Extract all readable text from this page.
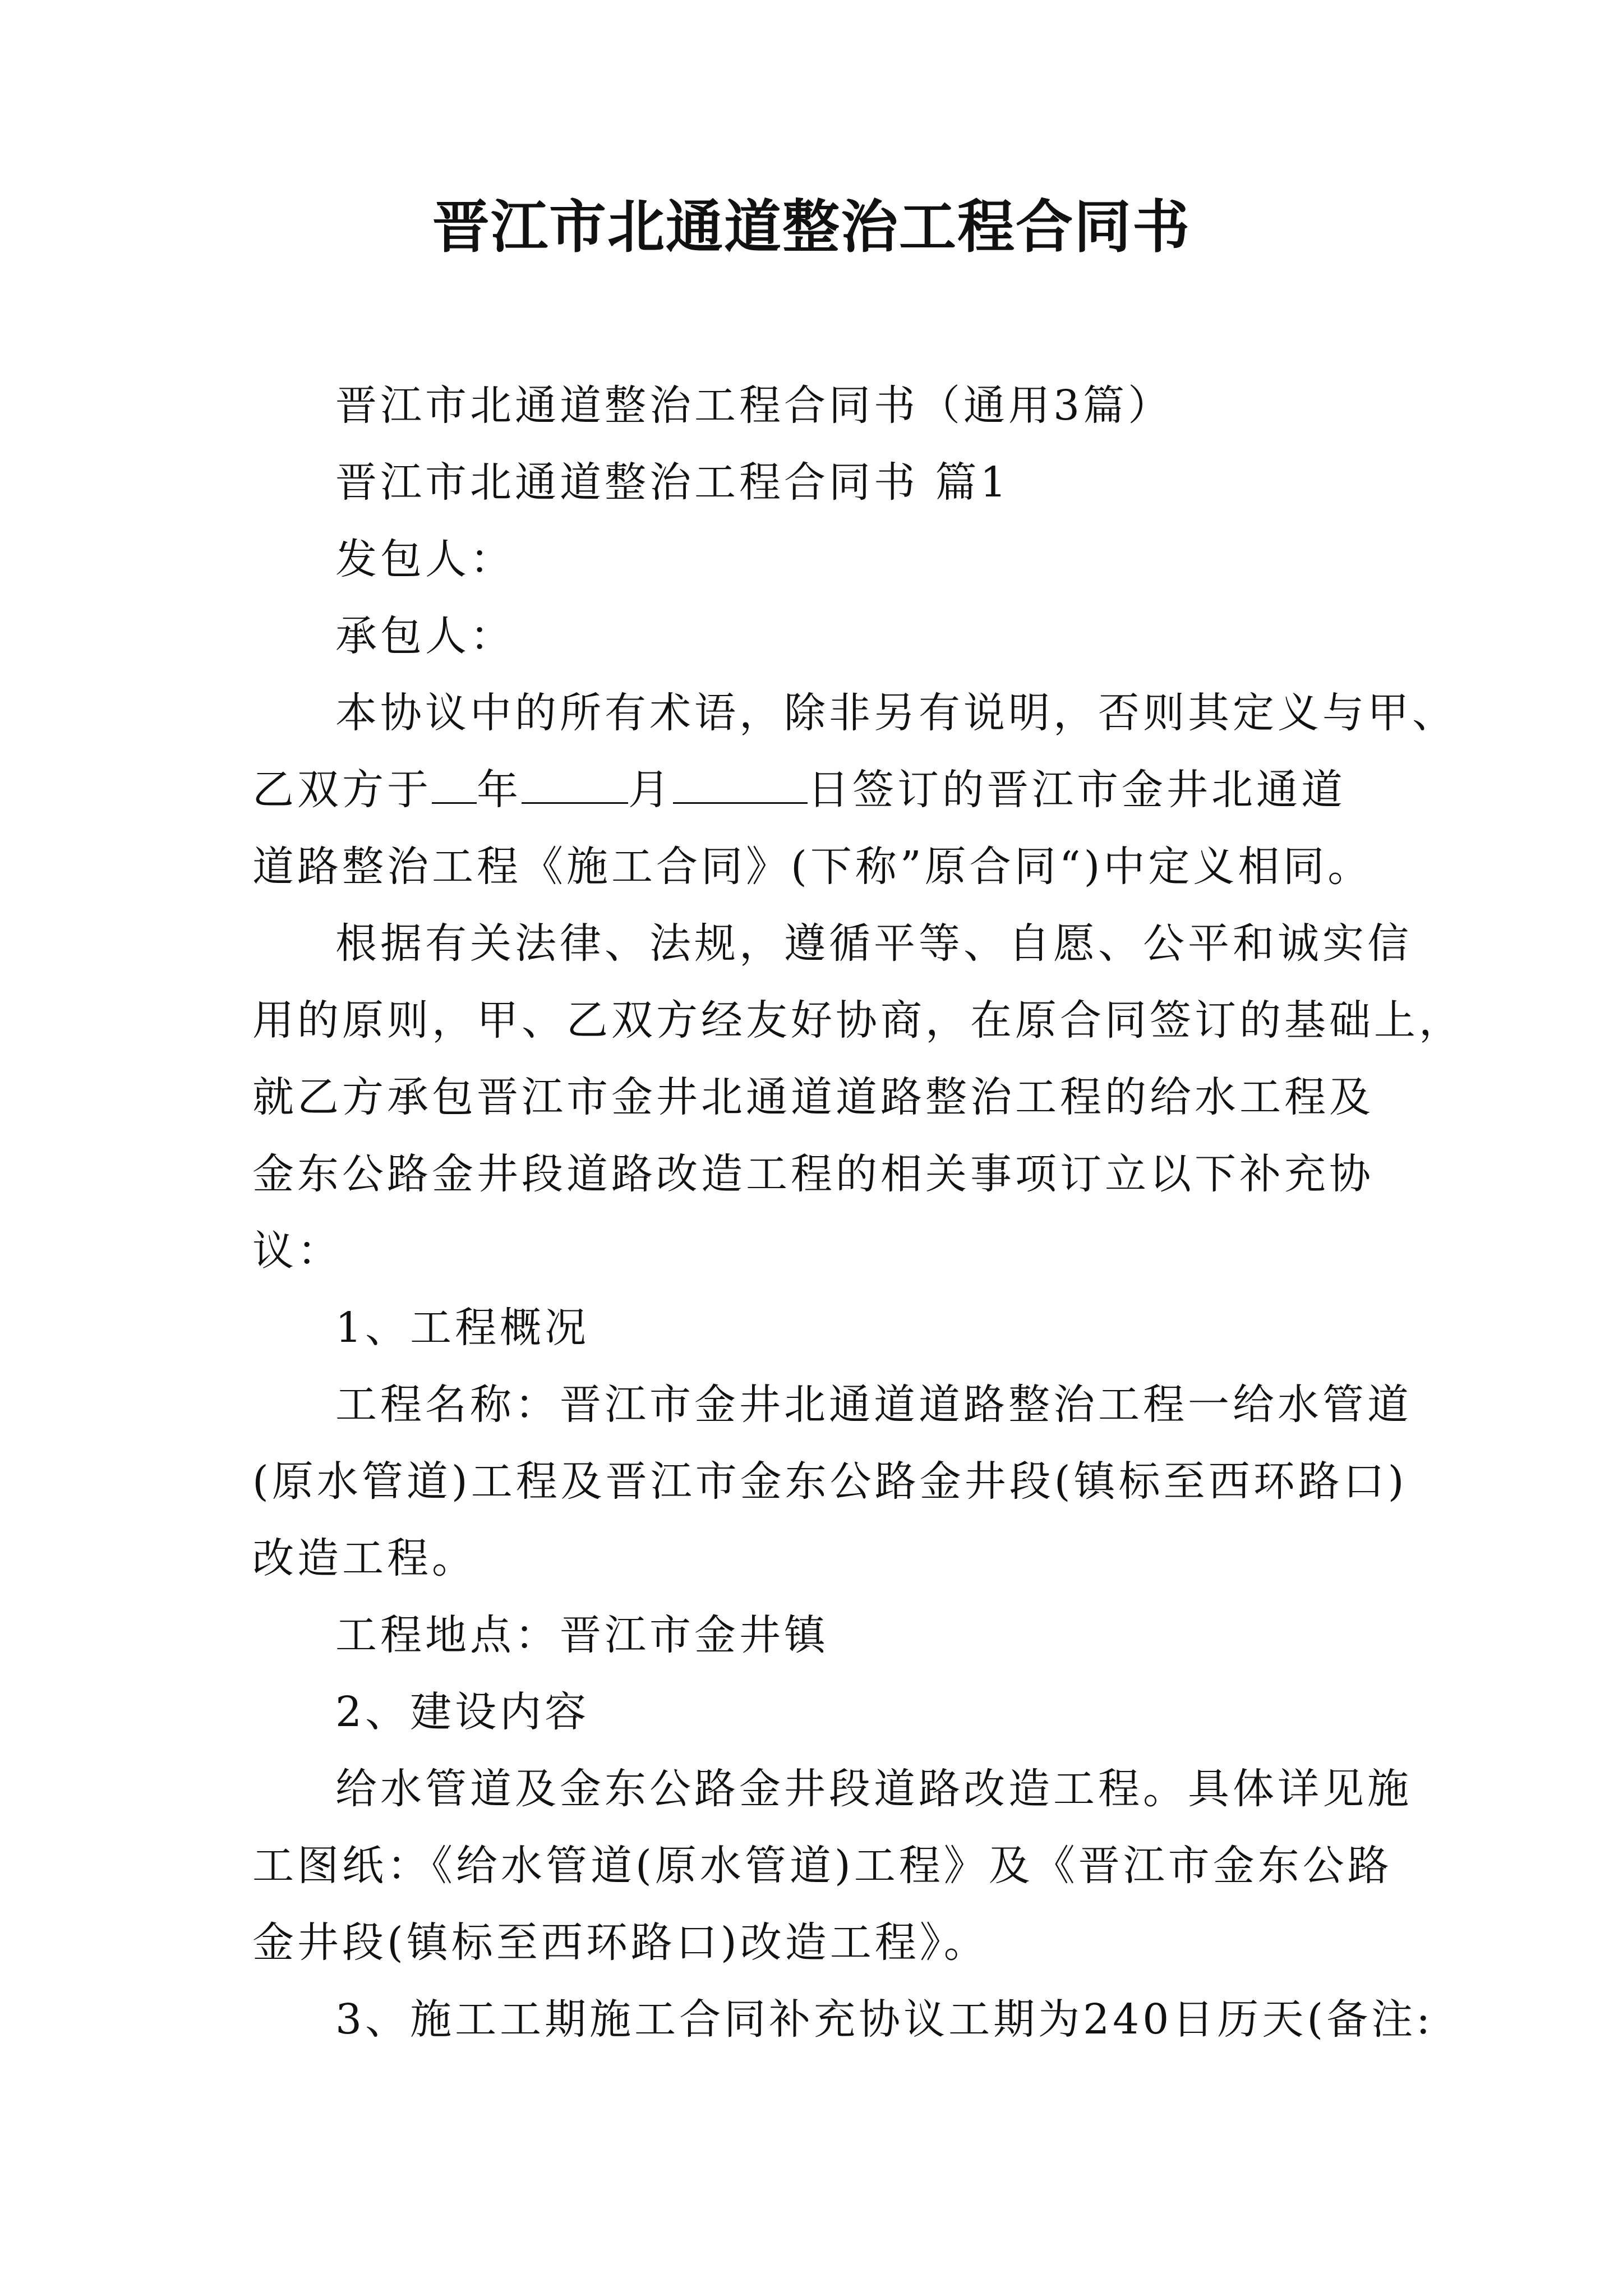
晋江市北通道整治工程合同书

晋江市北通道整治工程合同书（通用3篇）

晋江市北通道整治工程合同书 篇1

发包人：

承包人：

本协议中的所有术语，除非另有说明，否则其定义与甲、

乙双方于 年	月	日签订的晋江市金井北通道

道路整治工程《施工合同》(下称”原合同“)中定义相同。

根据有关法律、法规，遵循平等、自愿、公平和诚实信

用的原则，甲、乙双方经友好协商，在原合同签订的基础上，

就乙方承包晋江市金井北通道道路整治工程的给水工程及

金东公路金井段道路改造工程的相关事项订立以下补充协

议：

1、工程概况

工程名称：晋江市金井北通道道路整治工程一给水管道

(原水管道)工程及晋江市金东公路金井段(镇标至西环路口)

改造工程。

工程地点：晋江市金井镇

2、建设内容

给水管道及金东公路金井段道路改造工程。具体详见施

工图纸：《给水管道(原水管道)工程》及《晋江市金东公路

金井段(镇标至西环路口)改造工程》。

3、施工工期施工合同补充协议工期为240日历天(备注:
